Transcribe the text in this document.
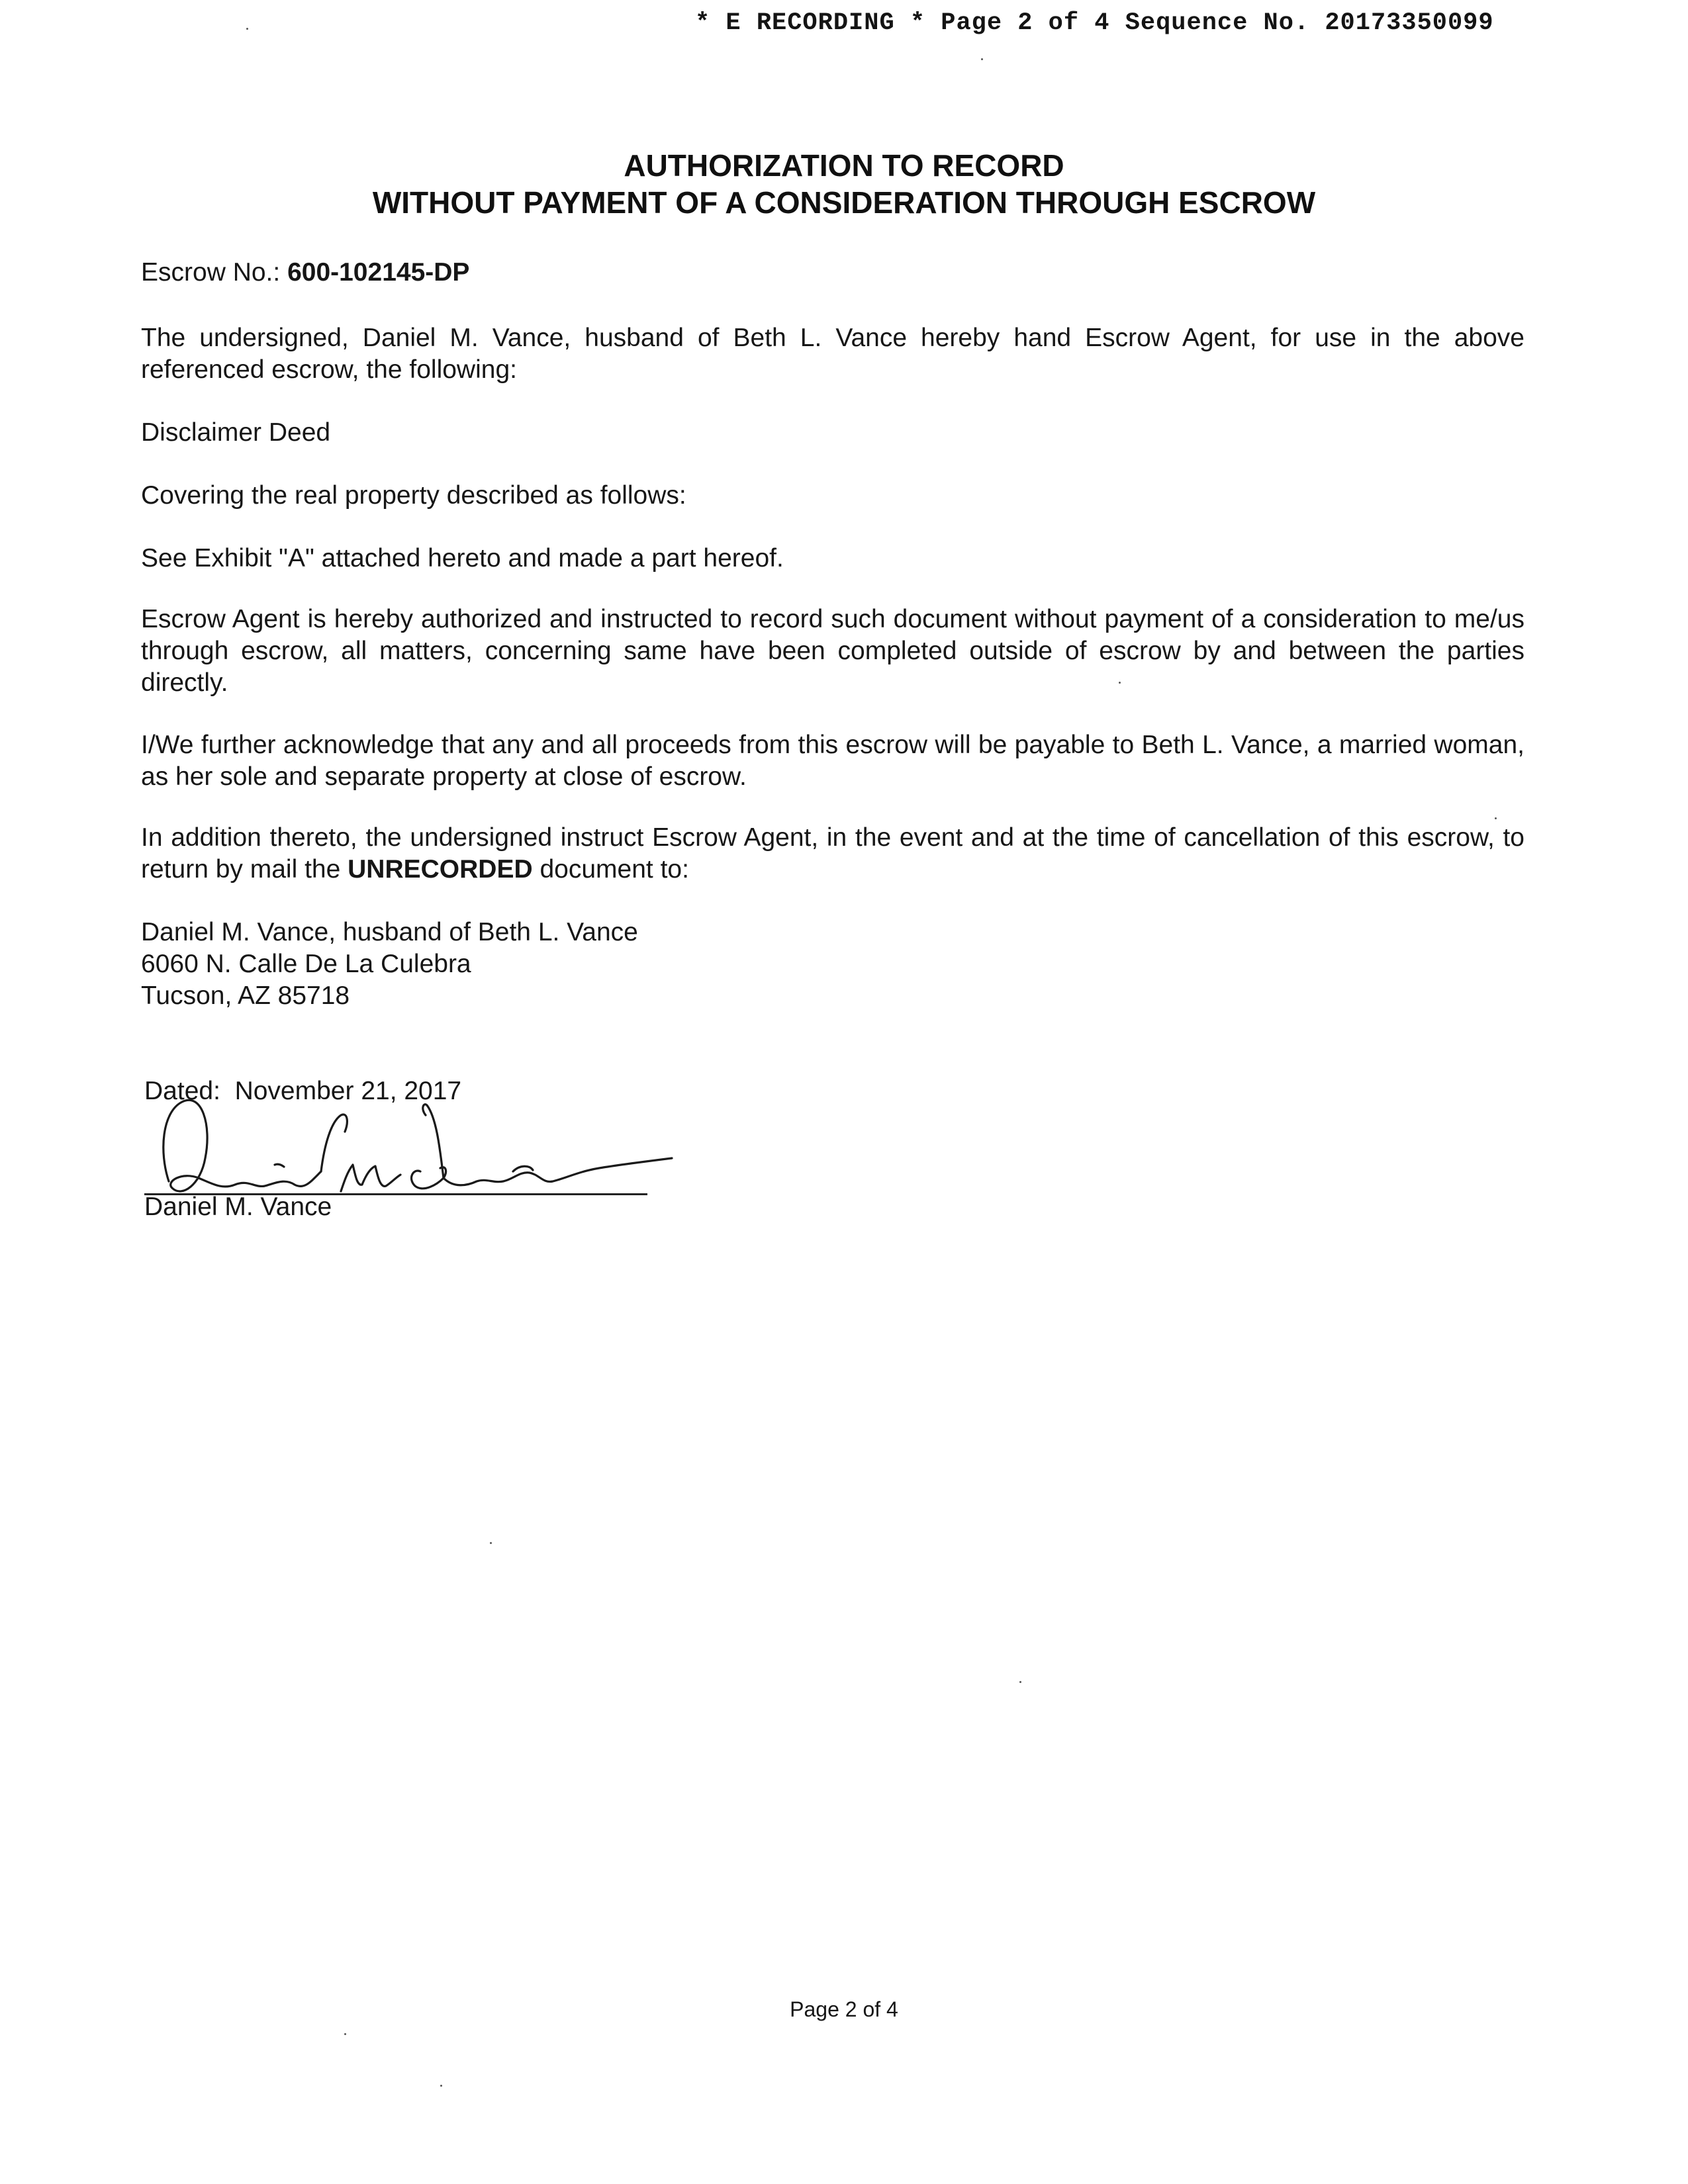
* E RECORDING * Page 2 of 4 Sequence No. 20173350099
AUTHORIZATION TO RECORD
WITHOUT PAYMENT OF A CONSIDERATION THROUGH ESCROW
Escrow No.: 600-102145-DP
The undersigned, Daniel M. Vance, husband of Beth L. Vance hereby hand Escrow Agent, for use in the above referenced escrow, the following:
Disclaimer Deed
Covering the real property described as follows:
See Exhibit "A" attached hereto and made a part hereof.
Escrow Agent is hereby authorized and instructed to record such document without payment of a consideration to me/us through escrow, all matters, concerning same have been completed outside of escrow by and between the parties directly.
I/We further acknowledge that any and all proceeds from this escrow will be payable to Beth L. Vance, a married woman, as her sole and separate property at close of escrow.
In addition thereto, the undersigned instruct Escrow Agent, in the event and at the time of cancellation of this escrow, to return by mail the UNRECORDED document to:
Daniel M. Vance, husband of Beth L. Vance
6060 N. Calle De La Culebra
Tucson, AZ 85718
Dated: November 21, 2017
Daniel M. Vance
Page 2 of 4
